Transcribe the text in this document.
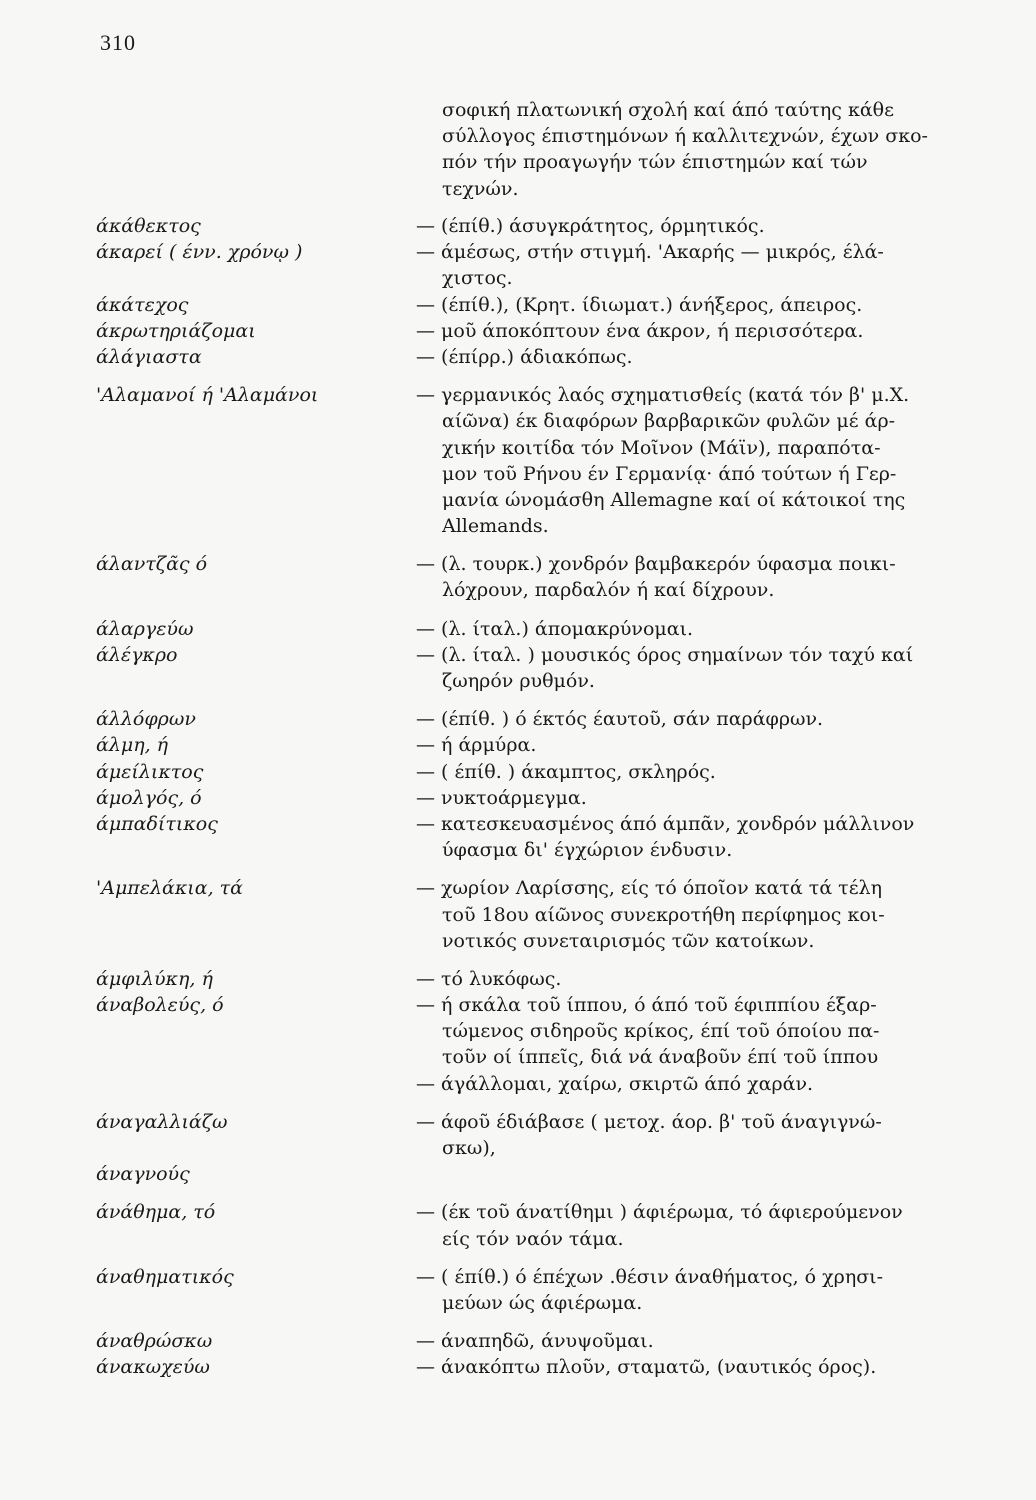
310
σοφική πλατωνική σχολή καί άπό ταύτης κάθε
σύλλογος έπιστημόνων ή καλλιτεχνών, έχων σκο-
πόν τήν προαγωγήν τών έπιστημών καί τών
τεχνών.
άκάθεκτος	— (έπίθ.) άσυγκράτητος, όρμητικός.
άκαρεί ( ένν. χρόνῳ )	— άμέσως, στήν στιγμή. 'Ακαρής — μικρός, έλά-
χιστος.
άκάτεχος	— (έπίθ.), (Κρητ. ίδιωματ.) άνήξερος, άπειρος.
άκρωτηριάζομαι	— μοῦ άποκόπτουν ένα άκρον, ή περισσότερα.
άλάγιαστα	— (έπίρρ.) άδιακόπως.
'Αλαμανοί ή 'Αλαμάνοι	— γερμανικός λαός σχηματισθείς (κατά τόν β' μ.Χ.
αίῶνα) έκ διαφόρων βαρβαρικῶν φυλῶν μέ άρ-
χικήν κοιτίδα τόν Μοῖνον (Μάϊν), παραπότα-
μον τοῦ Ρήνου έν Γερμανίᾳ· άπό τούτων ή Γερ-
μανία ώνομάσθη Allemagne καί οί κάτοικοί της
Allemands.
άλαντζᾶς ό	— (λ. τουρκ.) χονδρόν βαμβακερόν ύφασμα ποικι-
λόχρουν, παρδαλόν ή καί δίχρουν.
άλαργεύω	— (λ. ίταλ.) άπομακρύνομαι.
άλέγκρο	— (λ. ίταλ. ) μουσικός όρος σημαίνων τόν ταχύ καί
ζωηρόν ρυθμόν.
άλλόφρων	— (έπίθ. ) ό έκτός έαυτοῦ, σάν παράφρων.
άλμη, ή	— ή άρμύρα.
άμείλικτος	— ( έπίθ. ) άκαμπτος, σκληρός.
άμολγός, ό	— νυκτοάρμεγμα.
άμπαδίτικος	— κατεσκευασμένος άπό άμπᾶν, χονδρόν μάλλινον
ύφασμα δι' έγχώριον ένδυσιν.
'Αμπελάκια, τά	— χωρίον Λαρίσσης, είς τό όποῖον κατά τά τέλη
τοῦ 18ου αίῶνος συνεκροτήθη περίφημος κοι-
νοτικός συνεταιρισμός τῶν κατοίκων.
άμφιλύκη, ή	— τό λυκόφως.
άναβολεύς, ό	— ή σκάλα τοῦ ίππου, ό άπό τοῦ έφιππίου έξαρ-
τώμενος σιδηροῦς κρίκος, έπί τοῦ όποίου πα-
τοῦν οί ίππεῖς, διά νά άναβοῦν έπί τοῦ ίππου
— άγάλλομαι, χαίρω, σκιρτῶ άπό χαράν.
άναγαλλιάζω	— άφοῦ έδιάβασε ( μετοχ. άορ. β' τοῦ άναγιγνώ-
σκω),
άναγνούς
άνάθημα, τό	— (έκ τοῦ άνατίθημι ) άφιέρωμα, τό άφιερούμενον
είς τόν ναόν τάμα.
άναθηματικός	— ( έπίθ.) ό έπέχων .θέσιν άναθήματος, ό χρησι-
μεύων ώς άφιέρωμα.
άναθρώσκω	— άναπηδῶ, άνυψοῦμαι.
άνακωχεύω	— άνακόπτω πλοῦν, σταματῶ, (ναυτικός όρος).
